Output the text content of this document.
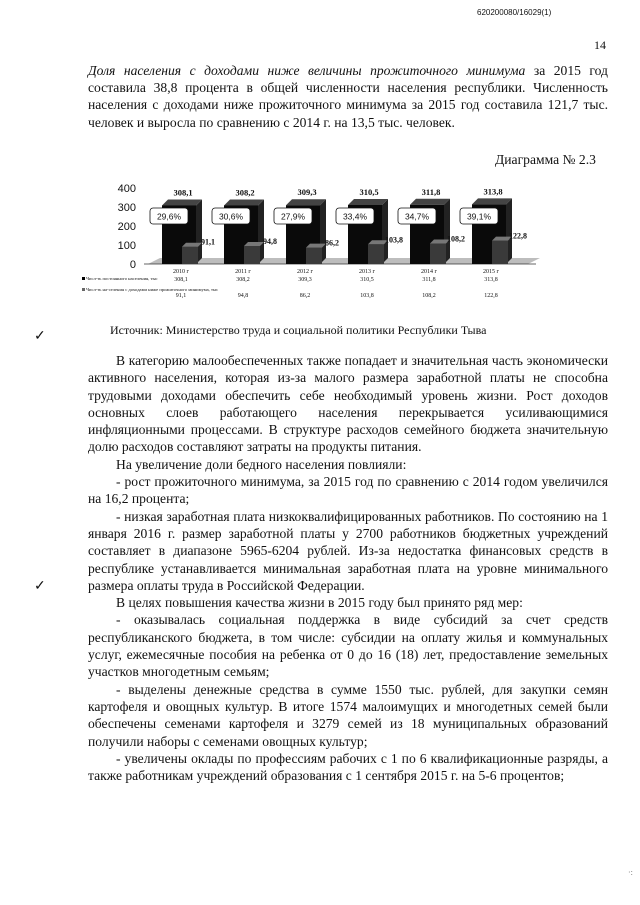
620200080/16029(1)
14
Доля населения с доходами ниже величины прожиточного минимума за 2015 год составила 38,8 процента в общей численности населения республики. Численность населения с доходами ниже прожиточного минимума за 2015 год составила 121,7 тыс. человек и выросла по сравнению с 2014 г. на 13,5 тыс. человек.
Диаграмма № 2.3
400
300
200
100
0
308,1
91,1
29,6%
2010 г
308,1
91,1
308,2
94,8
30,6%
2011 г
308,2
94,8
309,3
86,2
27,9%
2012 г
309,3
86,2
310,5
103,8
33,4%
2013 г
310,5
103,8
311,8
108,2
34,7%
2014 г
311,8
108,2
313,8
122,8
39,1%
2015 г
313,8
122,8
Числ-ть постоянного населения, тыс
Числ-ть на-селения с доходами ниже прожиточного минимума, тыс
✓	Источник: Министерство труда и социальной политики Республики Тыва

В категорию малообеспеченных также попадает и значительная часть экономически активного населения, которая из-за малого размера заработной платы не способна трудовыми доходами обеспечить себе необходимый уровень жизни. Рост доходов основных слоев работающего населения перекрывается усиливающимися инфляционными процессами. В структуре расходов семейного бюджета значительную долю расходов составляют затраты на продукты питания.

На увеличение доли бедного населения повлияли:

- рост прожиточного минимума, за 2015 год по сравнению с 2014 годом увеличился на 16,2 процента;

- низкая заработная плата низкоквалифицированных работников. По состоянию на 1 января 2016 г. размер заработной платы у 2700 работников бюджетных учреждений составляет в диапазоне 5965-6204 рублей. Из-за недостатка финансовых средств в республике устанавливается минимальная заработная плата на уровне минимального размера оплаты труда в Российской Федерации.

В целях повышения качества жизни в 2015 году был принято ряд мер:

- оказывалась социальная поддержка в виде субсидий за счет средств республиканского бюджета, в том числе: субсидии на оплату жилья и коммунальных услуг, ежемесячные пособия на ребенка от 0 до 16 (18) лет, предоставление земельных участков многодетным семьям;

- выделены денежные средства в сумме 1550 тыс. рублей, для закупки семян картофеля и овощных культур. В итоге 1574 малоимущих и многодетных семей были обеспечены семенами картофеля и 3279 семей из 18 муниципальных образований получили наборы с семенами овощных культур;

- увеличены оклады по профессиям рабочих с 1 по 6 квалификационные разряды, а также работникам учреждений образования с 1 сентября 2015 г. на 5-6 процентов;

✓
·:
